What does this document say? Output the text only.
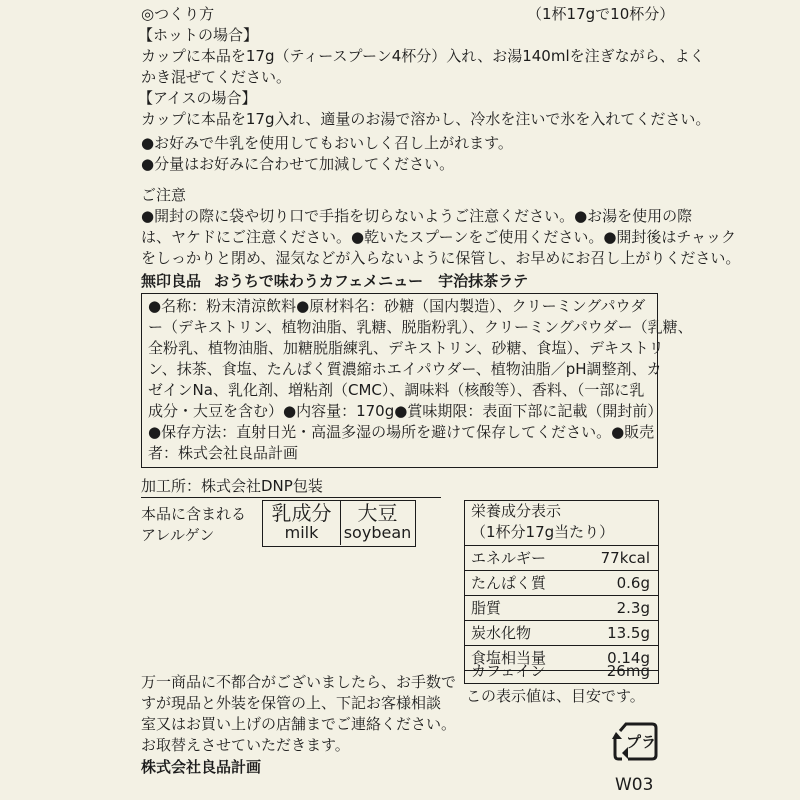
◎つくり方	（1杯17gで10杯分）
【ホットの場合】
カップに本品を17g（ティースプーン4杯分）入れ、お湯140mlを注ぎながら、よく
かき混ぜてください。
【アイスの場合】
カップに本品を17g入れ、適量のお湯で溶かし、冷水を注いで氷を入れてください。
●お好みで牛乳を使用してもおいしく召し上がれます。
●分量はお好みに合わせて加減してください。
ご注意
●開封の際に袋や切り口で手指を切らないようご注意ください。●お湯を使用の際
は、ヤケドにご注意ください。●乾いたスプーンをご使用ください。●開封後はチャック
をしっかりと閉め、湿気などが入らないように保管し、お早めにお召し上がりください。
無印良品 おうちで味わうカフェメニュー　宇治抹茶ラテ
●名称：粉末清涼飲料●原材料名：砂糖（国内製造）、クリーミングパウダ
ー（デキストリン、植物油脂、乳糖、脱脂粉乳）、クリーミングパウダー（乳糖、
全粉乳、植物油脂、加糖脱脂練乳、デキストリン、砂糖、食塩）、デキストリ
ン、抹茶、食塩、たんぱく質濃縮ホエイパウダー、植物油脂／pH調整剤、カ
ゼインNa、乳化剤、増粘剤（CMC）、調味料（核酸等）、香料、（一部に乳
成分・大豆を含む）●内容量：170g●賞味期限：表面下部に記載（開封前）
●保存方法：直射日光・高温多湿の場所を避けて保存してください。●販売
者：株式会社良品計画
加工所：株式会社DNP包装
本品に含まれる
アレルゲン
乳成分
milk
大豆
soybean
栄養成分表示
（1杯分17g当たり）
エネルギー	77kcal
たんぱく質	0.6g
脂質	2.3g
炭水化物	13.5g
食塩相当量	0.14g
カフェイン	26mg
この表示値は、目安です。
万一商品に不都合がございましたら、お手数で
すが現品と外装を保管の上、下記お客様相談
室又はお買い上げの店舗までご連絡ください。
お取替えさせていただきます。
株式会社良品計画
プラ
W03
